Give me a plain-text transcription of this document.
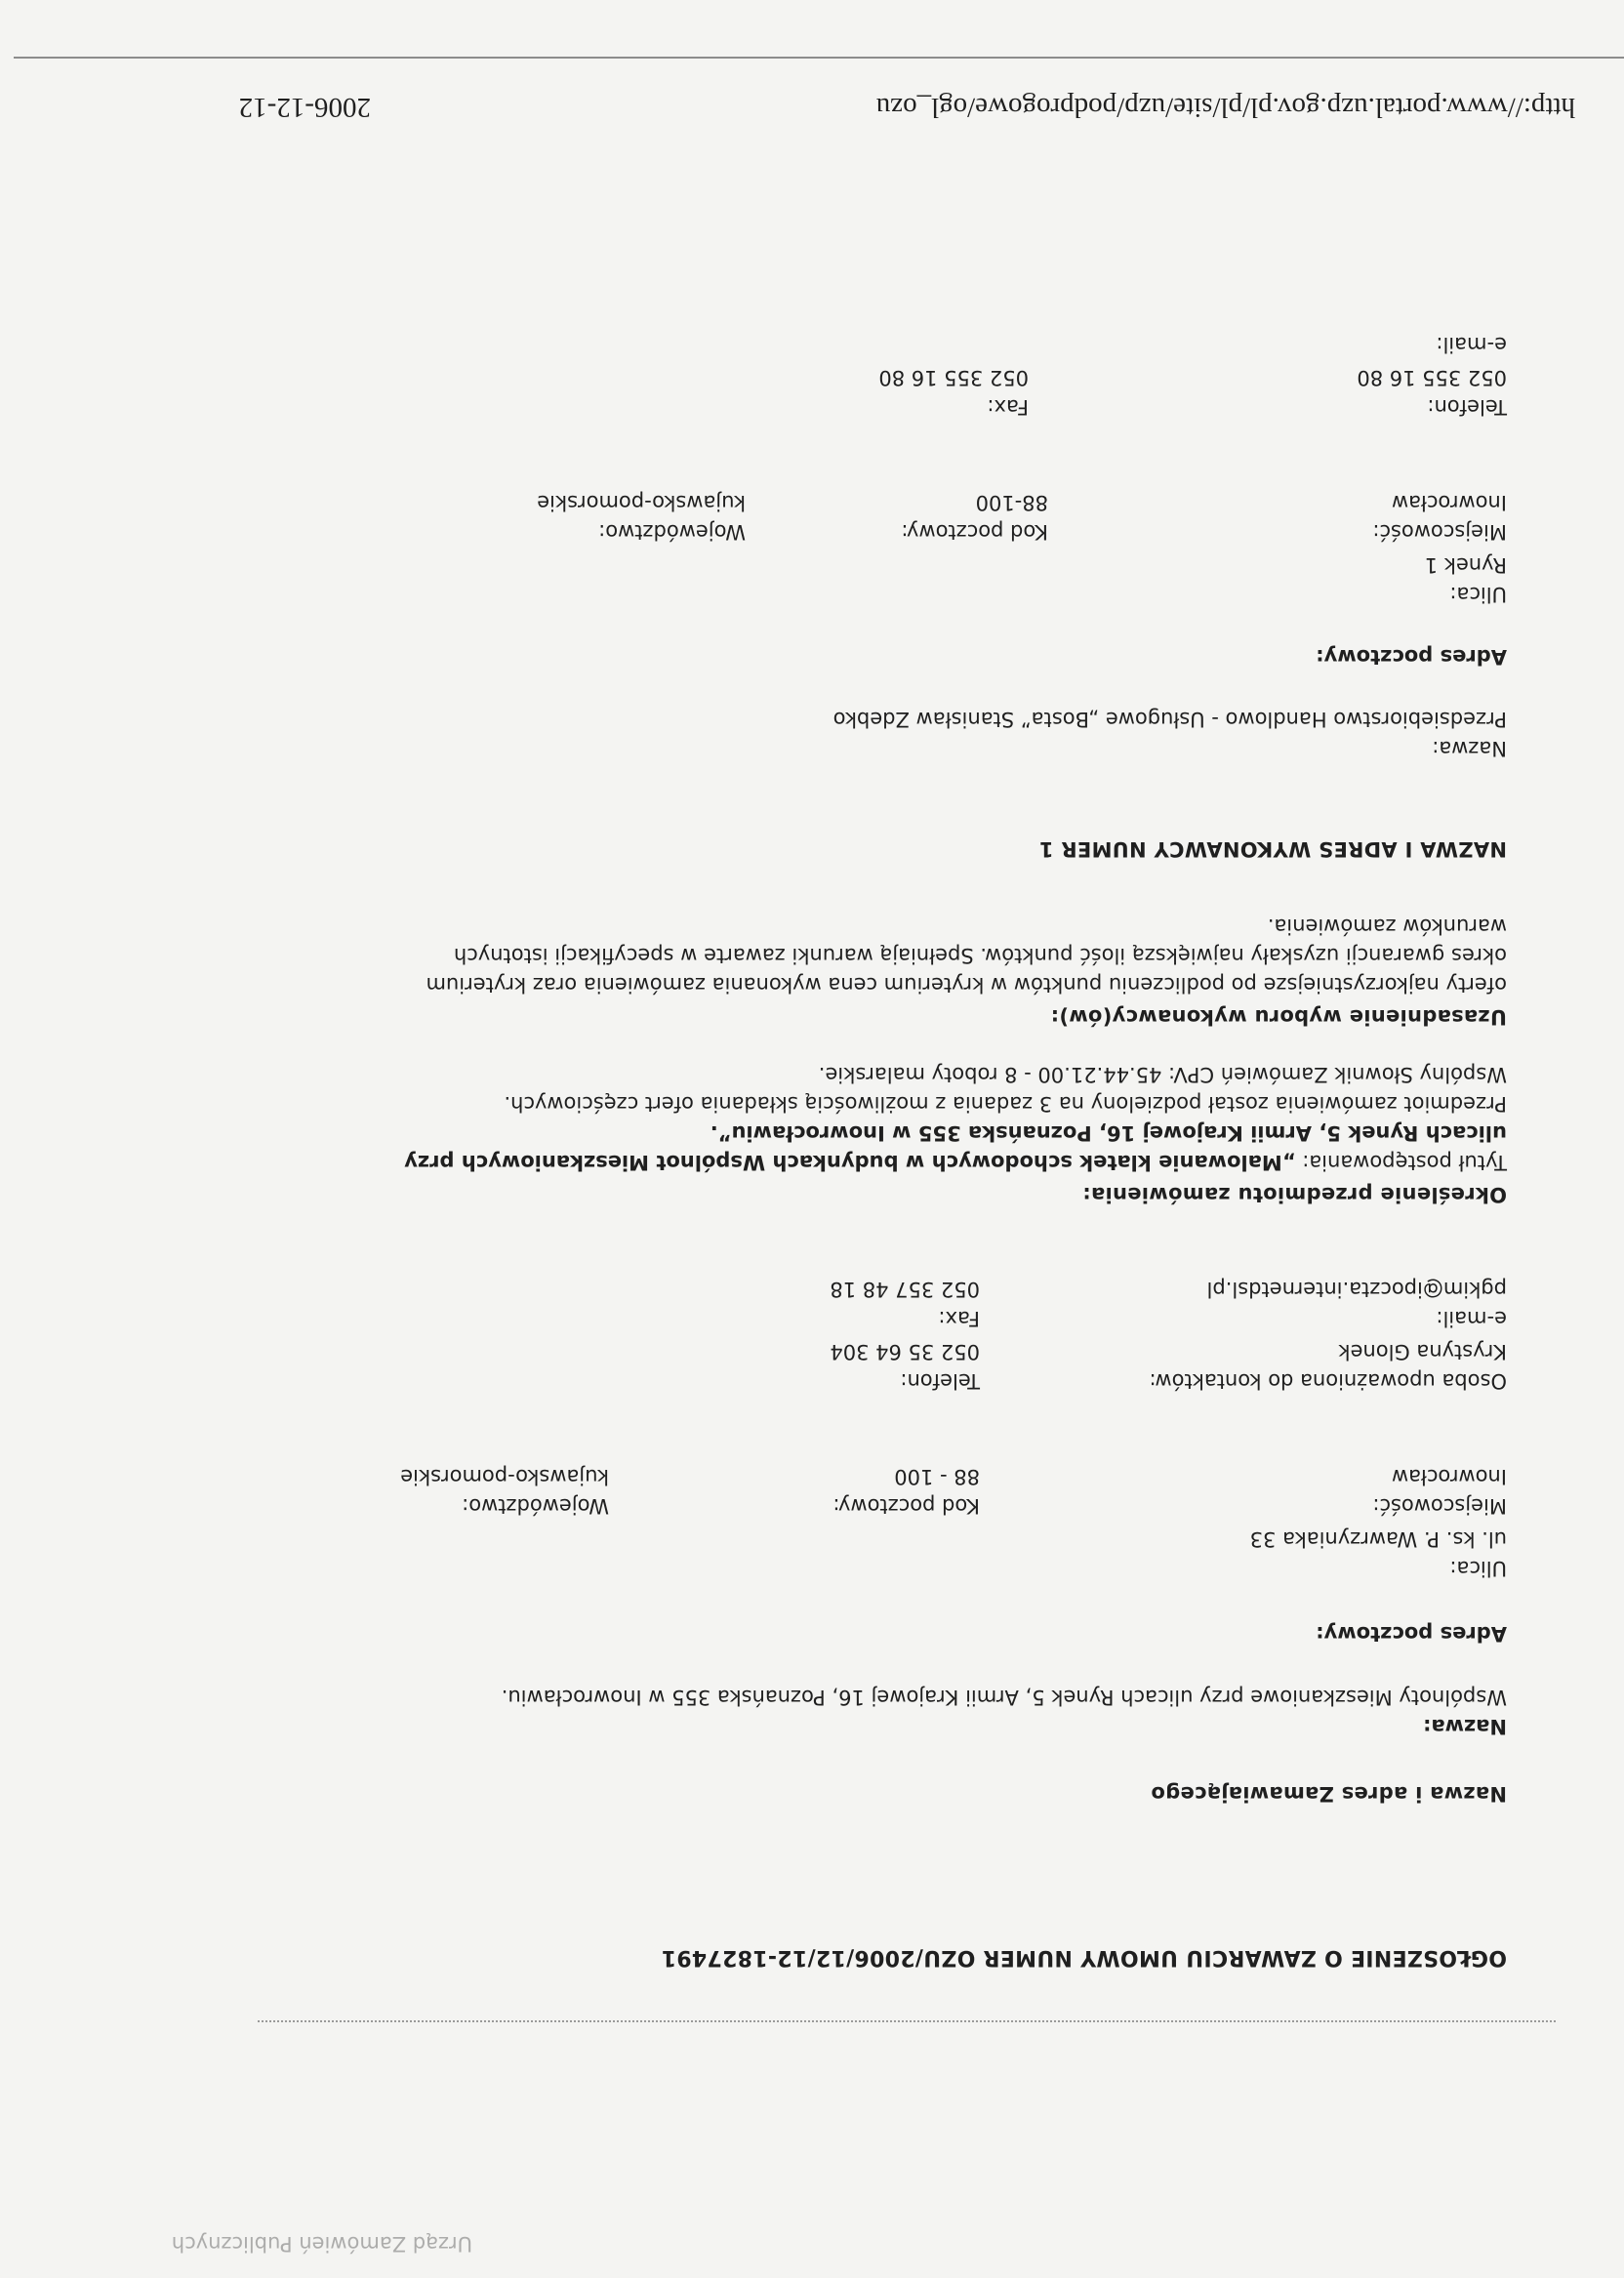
Urząd Zamówień Publicznych
OGŁOSZENIE O ZAWARCIU UMOWY NUMER OZU/2006/12/12-1827491
Nazwa i adres Zamawiającego
Nazwa:
Wspólnoty Mieszkaniowe przy ulicach Rynek 5, Armii Krajowej 16, Poznańska 355 w Inowrocławiu.
Adres pocztowy:
Ulica:
ul. ks. P. Wawrzyniaka 33
Miejscowość:
Inowrocław
Kod pocztowy:
88 - 100
Województwo:
kujawsko-pomorskie
Osoba upoważniona do kontaktów:
Krystyna Glonek
Telefon:
052 35 64 304
e-mail:
pgkim@ipoczta.internetdsl.pl
Fax:
052 357 48 18
Określenie przedmiotu zamówienia:
Tytuł postępowania: „Malowanie klatek schodowych w budynkach Wspólnot Mieszkaniowych przy
ulicach Rynek 5, Armii Krajowej 16, Poznańska 355 w Inowrocławiu”.
Przedmiot zamówienia został podzielony na 3 zadania z możliwością składania ofert częściowych.
Wspólny Słownik Zamówień CPV: 45.44.21.00 - 8 roboty malarskie.
Uzasadnienie wyboru wykonawcy(ów):
oferty najkorzystniejsze po podliczeniu punktów w kryterium cena wykonania zamówienia oraz kryterium
okres gwarancji uzyskały największą ilość punktów. Spełniają warunki zawarte w specyfikacji istotnych
warunków zamówienia.
NAZWA I ADRES WYKONAWCY NUMER 1
Nazwa:
Przedsiebiorstwo Handlowo - Usługowe „Bosta” Stanisław Zdebko
Adres pocztowy:
Ulica:
Rynek 1
Miejscowość:
Inowrocław
Kod pocztowy:
88-100
Województwo:
kujawsko-pomorskie
Telefon:
052 355 16 80
Fax:
052 355 16 80
e-mail:
http://www.portal.uzp.gov.pl/pl/site/uzp/podprogowe/ogl_ozu
2006-12-12
